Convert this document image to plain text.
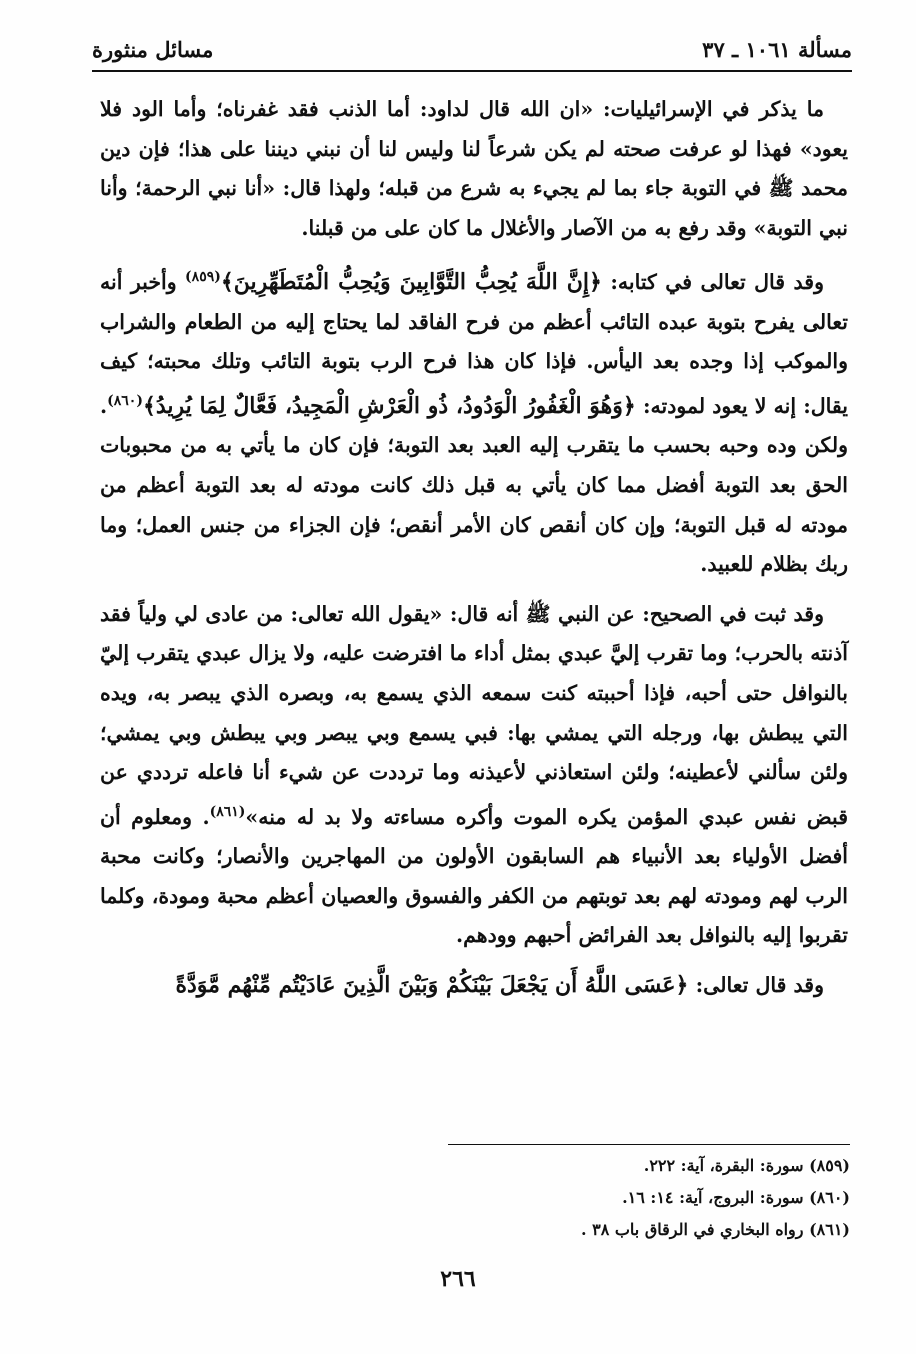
مسألة ١٠٦١ ـ ٣٧
مسائل منثورة

ما يذكر في الإسرائيليات: «ان الله قال لداود: أما الذنب فقد غفرناه؛ وأما الود فلا يعود» فهذا لو عرفت صحته لم يكن شرعاً لنا وليس لنا أن نبني ديننا على هذا؛ فإن دين محمد ﷺ في التوبة جاء بما لم يجيء به شرع من قبله؛ ولهذا قال: «أنا نبي الرحمة؛ وأنا نبي التوبة» وقد رفع به من الآصار والأغلال ما كان على من قبلنا.

وقد قال تعالى في كتابه: ﴿إِنَّ اللَّهَ يُحِبُّ التَّوَّابِينَ وَيُحِبُّ الْمُتَطَهِّرِينَ﴾$^{(٨٥٩)}$ وأخبر أنه تعالى يفرح بتوبة عبده التائب أعظم من فرح الفاقد لما يحتاج إليه من الطعام والشراب والموكب إذا وجده بعد اليأس. فإذا كان هذا فرح الرب بتوبة التائب وتلك محبته؛ كيف يقال: إنه لا يعود لمودته: ﴿وَهُوَ الْغَفُورُ الْوَدُودُ، ذُو الْعَرْشِ الْمَجِيدُ، فَعَّالٌ لِمَا يُرِيدُ﴾$^{(٨٦٠)}$. ولكن وده وحبه بحسب ما يتقرب إليه العبد بعد التوبة؛ فإن كان ما يأتي به من محبوبات الحق بعد التوبة أفضل مما كان يأتي به قبل ذلك كانت مودته له بعد التوبة أعظم من مودته له قبل التوبة؛ وإن كان أنقص كان الأمر أنقص؛ فإن الجزاء من جنس العمل؛ وما ربك بظلام للعبيد.

وقد ثبت في الصحيح: عن النبي ﷺ أنه قال: «يقول الله تعالى: من عادى لي ولياً فقد آذنته بالحرب؛ وما تقرب إليَّ عبدي بمثل أداء ما افترضت عليه، ولا يزال عبدي يتقرب إليّ بالنوافل حتى أحبه، فإذا أحببته كنت سمعه الذي يسمع به، وبصره الذي يبصر به، ويده التي يبطش بها، ورجله التي يمشي بها: فبي يسمع وبي يبصر وبي يبطش وبي يمشي؛ ولئن سألني لأعطينه؛ ولئن استعاذني لأعيذنه وما ترددت عن شيء أنا فاعله ترددي عن قبض نفس عبدي المؤمن يكره الموت وأكره مساءته ولا بد له منه»$^{(٨٦١)}$. ومعلوم أن أفضل الأولياء بعد الأنبياء هم السابقون الأولون من المهاجرين والأنصار؛ وكانت محبة الرب لهم ومودته لهم بعد توبتهم من الكفر والفسوق والعصيان أعظم محبة ومودة، وكلما تقربوا إليه بالنوافل بعد الفرائض أحبهم وودهم.

وقد قال تعالى: ﴿عَسَى اللَّهُ أَن يَجْعَلَ بَيْنَكُمْ وَبَيْنَ الَّذِينَ عَادَيْتُم مِّنْهُم مَّوَدَّةً

(٨٥٩) سورة: البقرة، آية: ٢٢٢.
(٨٦٠) سورة: البروج، آية: ١٤: ١٦.
(٨٦١) رواه البخاري في الرقاق باب ٣٨ .
٢٦٦
